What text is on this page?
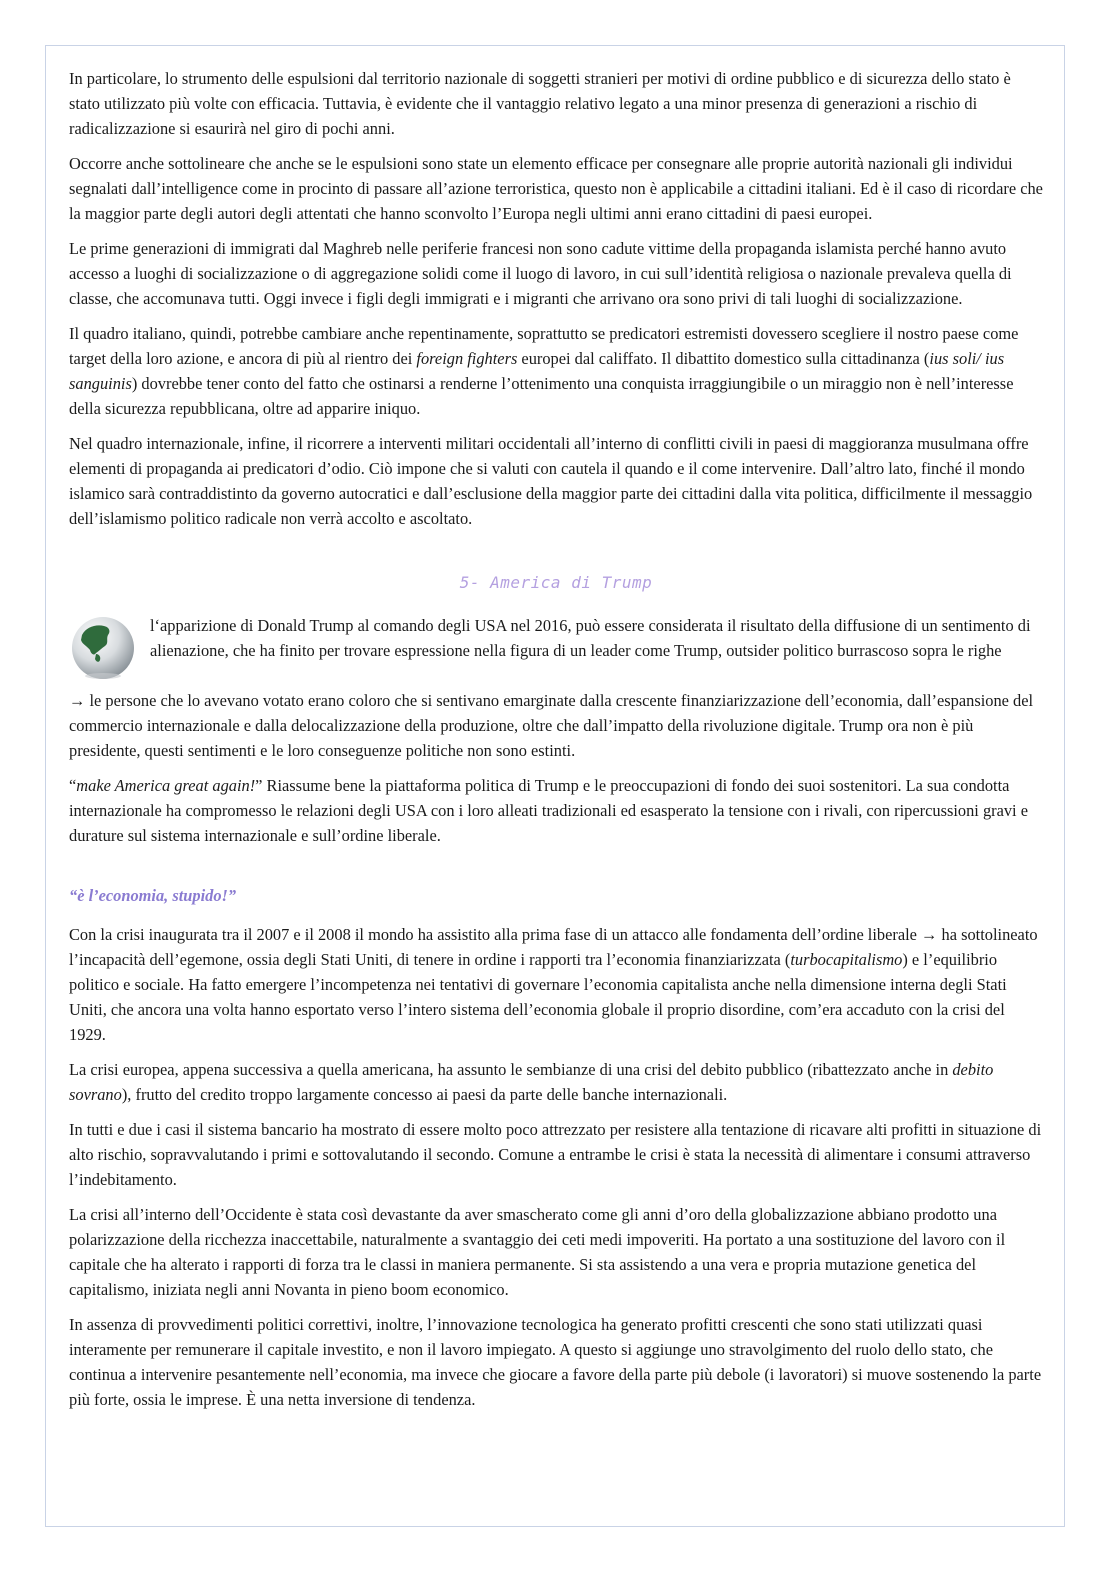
In particolare, lo strumento delle espulsioni dal territorio nazionale di soggetti stranieri per motivi di ordine pubblico e di sicurezza dello stato è stato utilizzato più volte con efficacia. Tuttavia, è evidente che il vantaggio relativo legato a una minor presenza di generazioni a rischio di radicalizzazione si esaurirà nel giro di pochi anni.

Occorre anche sottolineare che anche se le espulsioni sono state un elemento efficace per consegnare alle proprie autorità nazionali gli individui segnalati dall’intelligence come in procinto di passare all’azione terroristica, questo non è applicabile a cittadini italiani. Ed è il caso di ricordare che la maggior parte degli autori degli attentati che hanno sconvolto l’Europa negli ultimi anni erano cittadini di paesi europei.

Le prime generazioni di immigrati dal Maghreb nelle periferie francesi non sono cadute vittime della propaganda islamista perché hanno avuto accesso a luoghi di socializzazione o di aggregazione solidi come il luogo di lavoro, in cui sull’identità religiosa o nazionale prevaleva quella di classe, che accomunava tutti. Oggi invece i figli degli immigrati e i migranti che arrivano ora sono privi di tali luoghi di socializzazione.

Il quadro italiano, quindi, potrebbe cambiare anche repentinamente, soprattutto se predicatori estremisti dovessero scegliere il nostro paese come target della loro azione, e ancora di più al rientro dei foreign fighters europei dal califfato. Il dibattito domestico sulla cittadinanza (ius soli/ ius sanguinis) dovrebbe tener conto del fatto che ostinarsi a renderne l’ottenimento una conquista irraggiungibile o un miraggio non è nell’interesse della sicurezza repubblicana, oltre ad apparire iniquo.

Nel quadro internazionale, infine, il ricorrere a interventi militari occidentali all’interno di conflitti civili in paesi di maggioranza musulmana offre elementi di propaganda ai predicatori d’odio. Ciò impone che si valuti con cautela il quando e il come intervenire. Dall’altro lato, finché il mondo islamico sarà contraddistinto da governo autocratici e dall’esclusione della maggior parte dei cittadini dalla vita politica, difficilmente il messaggio dell’islamismo politico radicale non verrà accolto e ascoltato.

5- America di Trump

l‘apparizione di Donald Trump al comando degli USA nel 2016, può essere considerata il risultato della diffusione di un sentimento di alienazione, che ha finito per trovare espressione nella figura di un leader come Trump, outsider politico burrascoso sopra le righe

→ le persone che lo avevano votato erano coloro che si sentivano emarginate dalla crescente finanziarizzazione dell’economia, dall’espansione del commercio internazionale e dalla delocalizzazione della produzione, oltre che dall’impatto della rivoluzione digitale. Trump ora non è più presidente, questi sentimenti e le loro conseguenze politiche non sono estinti.

“make America great again!” Riassume bene la piattaforma politica di Trump e le preoccupazioni di fondo dei suoi sostenitori. La sua condotta internazionale ha compromesso le relazioni degli USA con i loro alleati tradizionali ed esasperato la tensione con i rivali, con ripercussioni gravi e durature sul sistema internazionale e sull’ordine liberale.

“è l’economia, stupido!”

Con la crisi inaugurata tra il 2007 e il 2008 il mondo ha assistito alla prima fase di un attacco alle fondamenta dell’ordine liberale → ha sottolineato l’incapacità dell’egemone, ossia degli Stati Uniti, di tenere in ordine i rapporti tra l’economia finanziarizzata (turbocapitalismo) e l’equilibrio politico e sociale. Ha fatto emergere l’incompetenza nei tentativi di governare l’economia capitalista anche nella dimensione interna degli Stati Uniti, che ancora una volta hanno esportato verso l’intero sistema dell’economia globale il proprio disordine, com’era accaduto con la crisi del 1929.

La crisi europea, appena successiva a quella americana, ha assunto le sembianze di una crisi del debito pubblico (ribattezzato anche in debito sovrano), frutto del credito troppo largamente concesso ai paesi da parte delle banche internazionali.

In tutti e due i casi il sistema bancario ha mostrato di essere molto poco attrezzato per resistere alla tentazione di ricavare alti profitti in situazione di alto rischio, sopravvalutando i primi e sottovalutando il secondo. Comune a entrambe le crisi è stata la necessità di alimentare i consumi attraverso l’indebitamento.

La crisi all’interno dell’Occidente è stata così devastante da aver smascherato come gli anni d’oro della globalizzazione abbiano prodotto una polarizzazione della ricchezza inaccettabile, naturalmente a svantaggio dei ceti medi impoveriti. Ha portato a una sostituzione del lavoro con il capitale che ha alterato i rapporti di forza tra le classi in maniera permanente. Si sta assistendo a una vera e propria mutazione genetica del capitalismo, iniziata negli anni Novanta in pieno boom economico.

In assenza di provvedimenti politici correttivi, inoltre, l’innovazione tecnologica ha generato profitti crescenti che sono stati utilizzati quasi interamente per remunerare il capitale investito, e non il lavoro impiegato. A questo si aggiunge uno stravolgimento del ruolo dello stato, che continua a intervenire pesantemente nell’economia, ma invece che giocare a favore della parte più debole (i lavoratori) si muove sostenendo la parte più forte, ossia le imprese. È una netta inversione di tendenza.
